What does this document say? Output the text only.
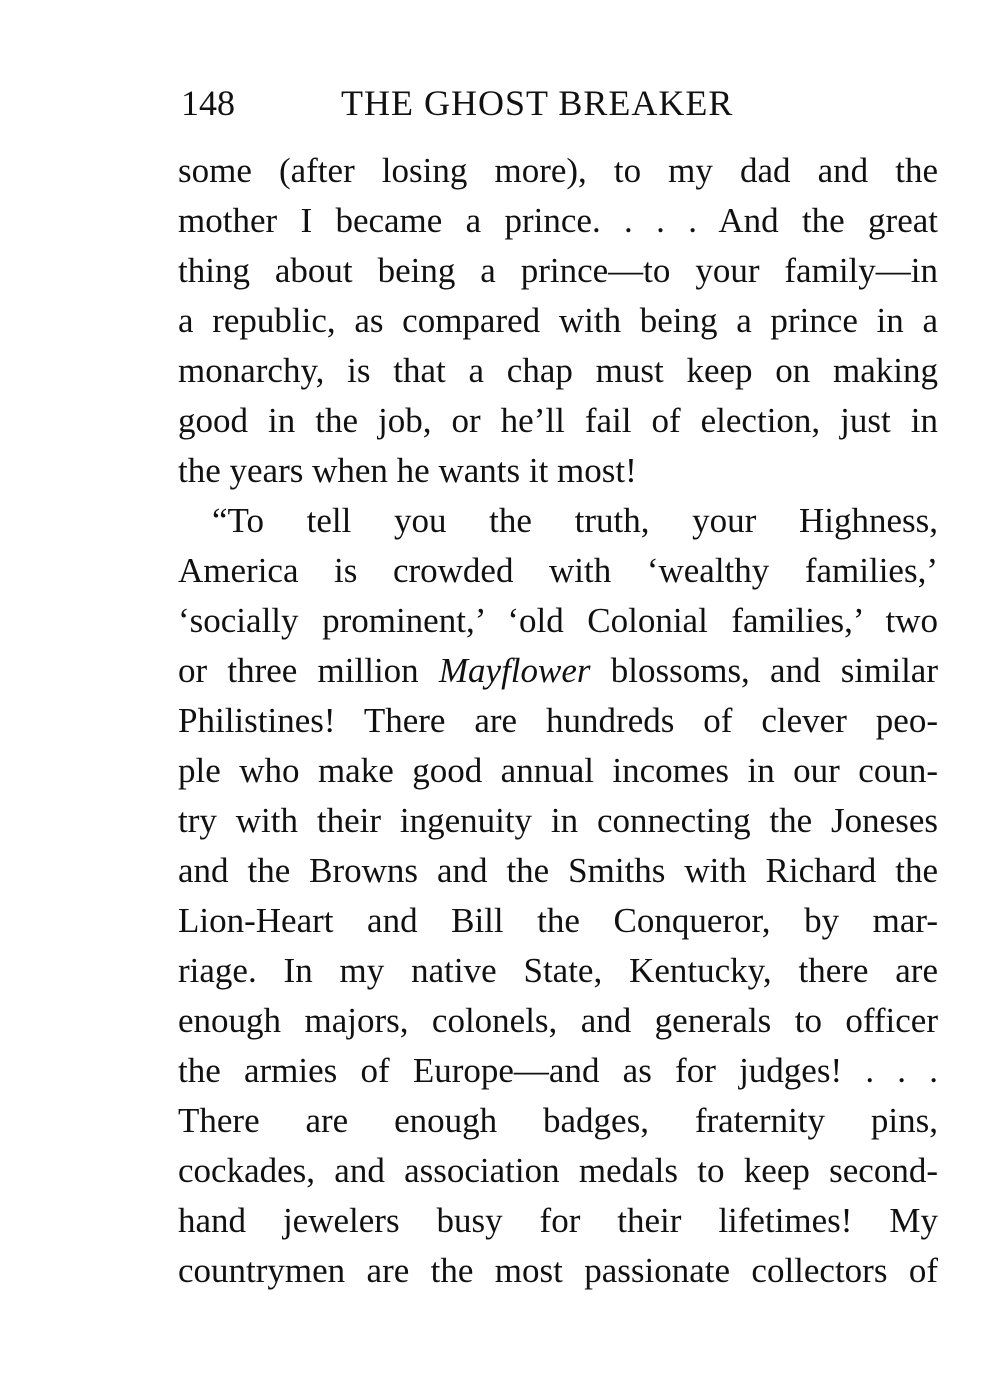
148	THE GHOST BREAKER
some (after losing more), to my dad and the
mother I became a prince. . . . And the great
thing about being a prince—to your family—in
a republic, as compared with being a prince in a
monarchy, is that a chap must keep on making
good in the job, or he’ll fail of election, just in
the years when he wants it most!
“To tell you the truth, your Highness,
America is crowded with ‘wealthy families,’
‘socially prominent,’ ‘old Colonial families,’ two
or three million Mayflower blossoms, and similar
Philistines! There are hundreds of clever peo-
ple who make good annual incomes in our coun-
try with their ingenuity in connecting the Joneses
and the Browns and the Smiths with Richard the
Lion-Heart and Bill the Conqueror, by mar-
riage. In my native State, Kentucky, there are
enough majors, colonels, and generals to officer
the armies of Europe—and as for judges! . . .
There are enough badges, fraternity pins,
cockades, and association medals to keep second-
hand jewelers busy for their lifetimes! My
countrymen are the most passionate collectors of
